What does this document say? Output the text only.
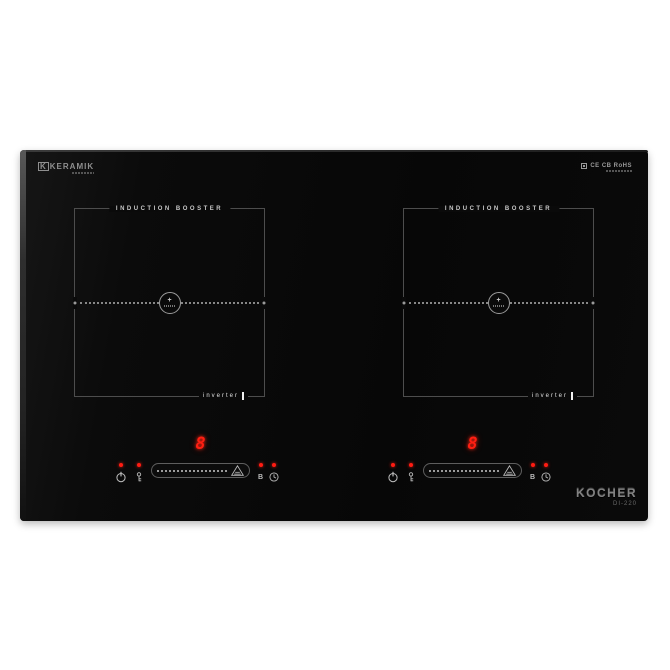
K KERAMIK	CE CB RoHS
INDUCTION BOOSTER
+
inverter
INDUCTION BOOSTER
+
inverter
8
B
8
B
KOCHER
DI-220
